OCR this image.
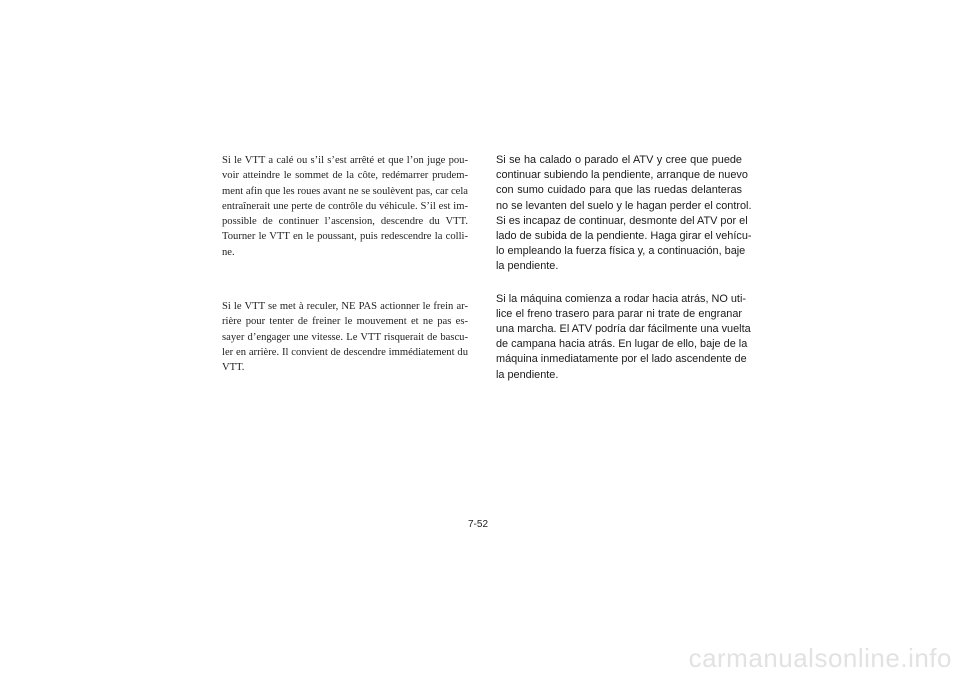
Si le VTT a calé ou s’il s’est arrêté et que l’on juge pou-
voir atteindre le sommet de la côte, redémarrer prudem-
ment afin que les roues avant ne se soulèvent pas, car cela
entraînerait une perte de contrôle du véhicule. S’il est im-
possible de continuer l’ascension, descendre du VTT.
Tourner le VTT en le poussant, puis redescendre la colli-
ne.

Si le VTT se met à reculer, NE PAS actionner le frein ar-
rière pour tenter de freiner le mouvement et ne pas es-
sayer d’engager une vitesse. Le VTT risquerait de bascu-
ler en arrière. Il convient de descendre immédiatement du
VTT.

Si se ha calado o parado el ATV y cree que puede
continuar subiendo la pendiente, arranque de nuevo
con sumo cuidado para que las ruedas delanteras
no se levanten del suelo y le hagan perder el control.
Si es incapaz de continuar, desmonte del ATV por el
lado de subida de la pendiente. Haga girar el vehícu-
lo empleando la fuerza física y, a continuación, baje
la pendiente.

Si la máquina comienza a rodar hacia atrás, NO uti-
lice el freno trasero para parar ni trate de engranar
una marcha. El ATV podría dar fácilmente una vuelta
de campana hacia atrás. En lugar de ello, baje de la
máquina inmediatamente por el lado ascendente de
la pendiente.

7-52
carmanualsonline.info
